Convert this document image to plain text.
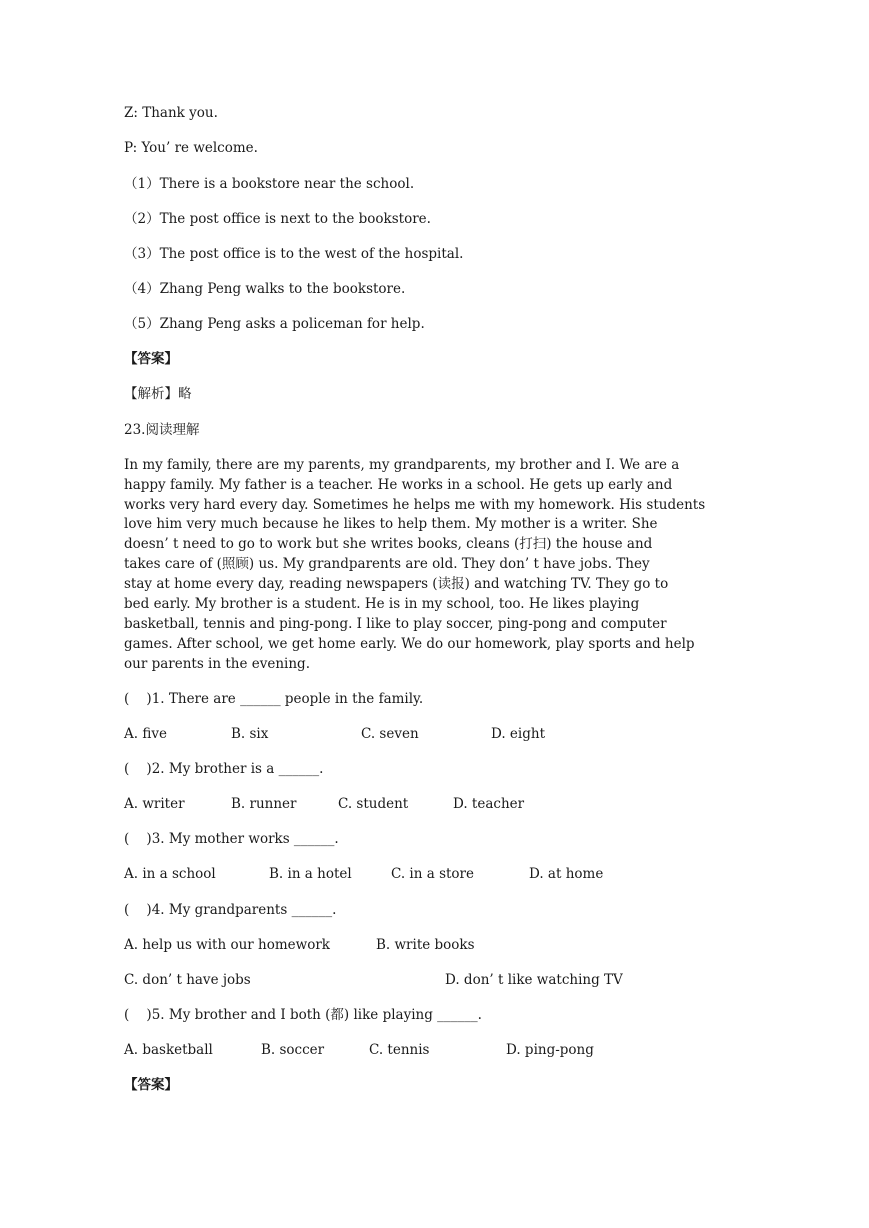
Z: Thank you.
P: You’ re welcome.
（1）There is a bookstore near the school.
（2）The post office is next to the bookstore.
（3）The post office is to the west of the hospital.
（4）Zhang Peng walks to the bookstore.
（5）Zhang Peng asks a policeman for help.
【答案】
【解析】略
23.阅读理解
In my family, there are my parents, my grandparents, my brother and I. We are a
happy family. My father is a teacher. He works in a school. He gets up early and
works very hard every day. Sometimes he helps me with my homework. His students
love him very much because he likes to help them. My mother is a writer. She
doesn’ t need to go to work but she writes books, cleans (打扫) the house and
takes care of (照顾) us. My grandparents are old. They don’ t have jobs. They
stay at home every day, reading newspapers (读报) and watching TV. They go to
bed early. My brother is a student. He is in my school, too. He likes playing
basketball, tennis and ping-pong. I like to play soccer, ping-pong and computer
games. After school, we get home early. We do our homework, play sports and help
our parents in the evening.
(    )1. There are ______ people in the family.
A. five	B. six	C. seven	D. eight
(    )2. My brother is a ______.
A. writer	B. runner	C. student	D. teacher
(    )3. My mother works ______.
A. in a school	B. in a hotel	C. in a store	D. at home
(    )4. My grandparents ______.
A. help us with our homework	B. write books
C. don’ t have jobs	D. don’ t like watching TV
(    )5. My brother and I both (都) like playing ______.
A. basketball	B. soccer	C. tennis	D. ping-pong
【答案】
